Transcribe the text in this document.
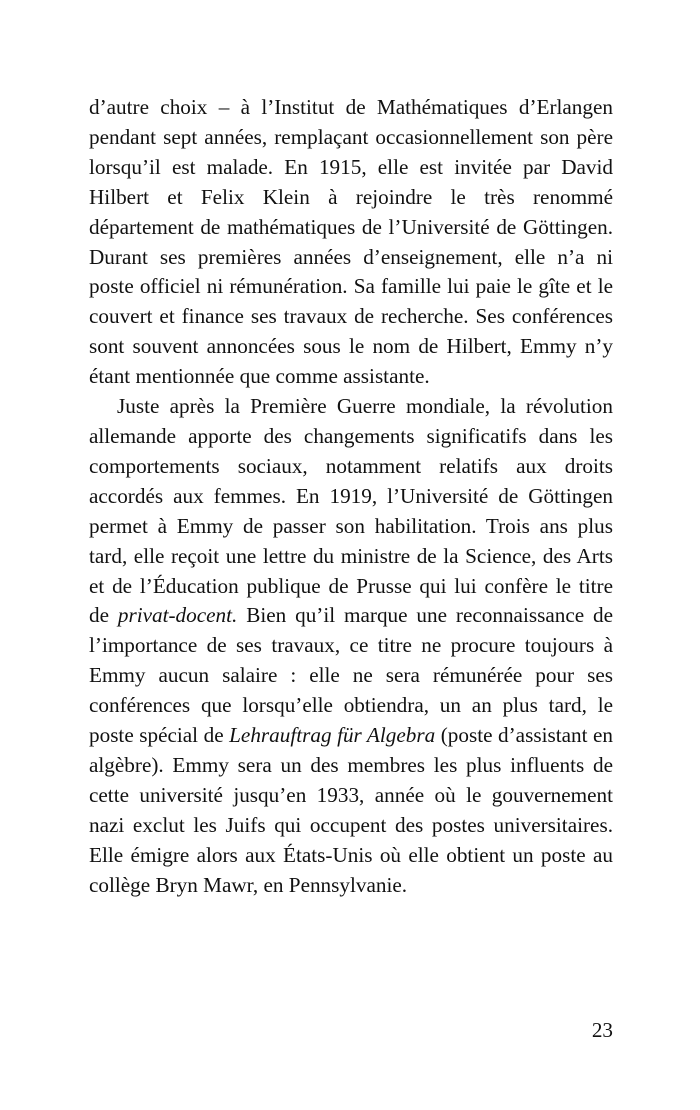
d’autre choix – à l’Institut de Mathématiques d’Erlangen pendant sept années, remplaçant occasionnellement son père lorsqu’il est malade. En 1915, elle est invitée par David Hilbert et Felix Klein à rejoindre le très renommé département de mathématiques de l’Université de Göttingen. Durant ses premières années d’enseignement, elle n’a ni poste officiel ni rémunération. Sa famille lui paie le gîte et le couvert et finance ses travaux de recherche. Ses conférences sont souvent annoncées sous le nom de Hilbert, Emmy n’y étant mentionnée que comme assistante.

Juste après la Première Guerre mondiale, la révolution allemande apporte des changements significatifs dans les comportements sociaux, notamment relatifs aux droits accordés aux femmes. En 1919, l’Université de Göttingen permet à Emmy de passer son habilitation. Trois ans plus tard, elle reçoit une lettre du ministre de la Science, des Arts et de l’Éducation publique de Prusse qui lui confère le titre de privat-docent. Bien qu’il marque une reconnaissance de l’importance de ses travaux, ce titre ne procure toujours à Emmy aucun salaire : elle ne sera rémunérée pour ses conférences que lorsqu’elle obtiendra, un an plus tard, le poste spécial de Lehrauftrag für Algebra (poste d’assistant en algèbre). Emmy sera un des membres les plus influents de cette université jusqu’en 1933, année où le gouvernement nazi exclut les Juifs qui occupent des postes universitaires. Elle émigre alors aux États-Unis où elle obtient un poste au collège Bryn Mawr, en Pennsylvanie.

23
